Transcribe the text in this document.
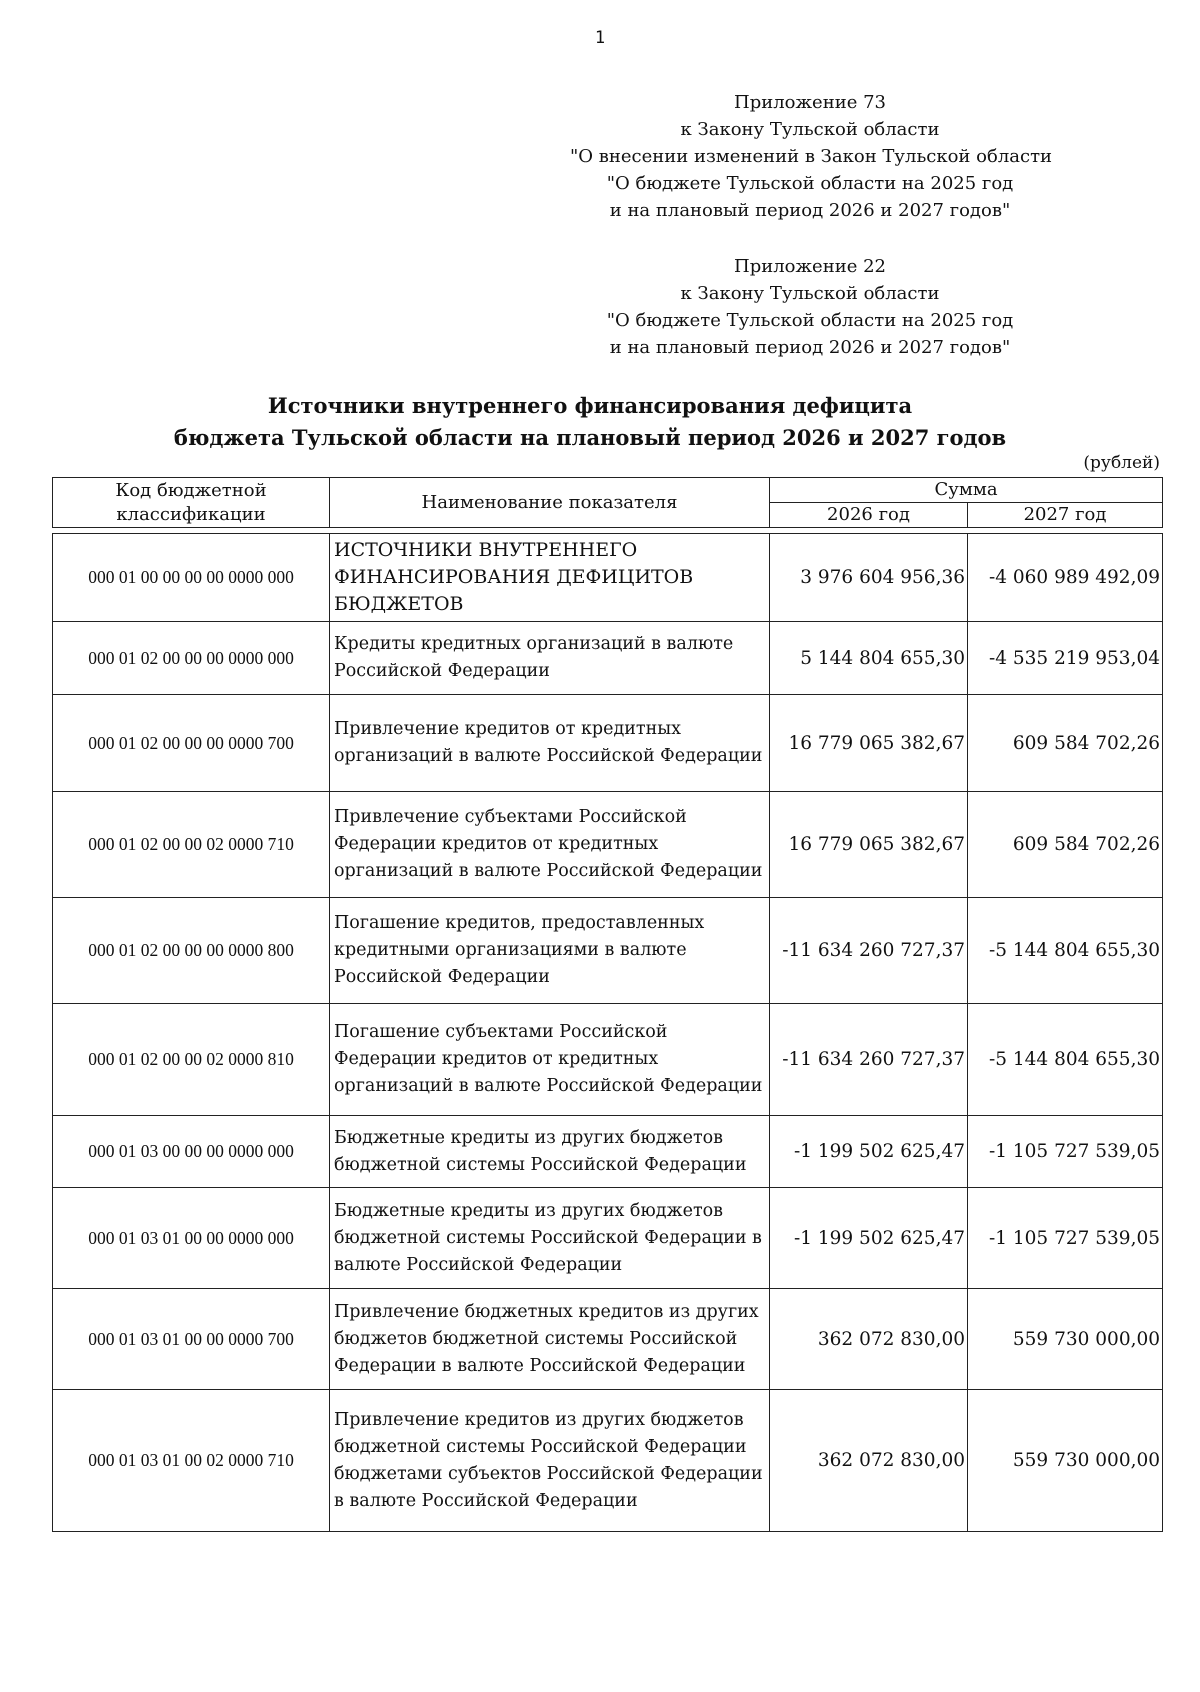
1
Приложение 73
к Закону Тульской области
"О внесении изменений в Закон Тульской области
"О бюджете Тульской области на 2025 год
и на плановый период 2026 и 2027 годов"
Приложение 22
к Закону Тульской области
"О бюджете Тульской области на 2025 год
и на плановый период 2026 и 2027 годов"
Источники внутреннего финансирования дефицита
бюджета Тульской области на плановый период 2026 и 2027 годов
(рублей)
Код бюджетной классификации	Наименование показателя	Сумма	
		2026 год	2027 год

000 01 00 00 00 00 0000 000	ИСТОЧНИКИ ВНУТРЕННЕГО ФИНАНСИРОВАНИЯ ДЕФИЦИТОВ БЮДЖЕТОВ	3 976 604 956,36	-4 060 989 492,09
000 01 02 00 00 00 0000 000	Кредиты кредитных организаций в валюте Российской Федерации	5 144 804 655,30	-4 535 219 953,04
000 01 02 00 00 00 0000 700	Привлечение кредитов от кредитных организаций в валюте Российской Федерации	16 779 065 382,67	609 584 702,26
000 01 02 00 00 02 0000 710	Привлечение субъектами Российской Федерации кредитов от кредитных организаций в валюте Российской Федерации	16 779 065 382,67	609 584 702,26
000 01 02 00 00 00 0000 800	Погашение кредитов, предоставленных кредитными организациями в валюте Российской Федерации	-11 634 260 727,37	-5 144 804 655,30
000 01 02 00 00 02 0000 810	Погашение субъектами Российской Федерации кредитов от кредитных организаций в валюте Российской Федерации	-11 634 260 727,37	-5 144 804 655,30
000 01 03 00 00 00 0000 000	Бюджетные кредиты из других бюджетов бюджетной системы Российской Федерации	-1 199 502 625,47	-1 105 727 539,05
000 01 03 01 00 00 0000 000	Бюджетные кредиты из других бюджетов бюджетной системы Российской Федерации в валюте Российской Федерации	-1 199 502 625,47	-1 105 727 539,05
000 01 03 01 00 00 0000 700	Привлечение бюджетных кредитов из других бюджетов бюджетной системы Российской Федерации в валюте Российской Федерации	362 072 830,00	559 730 000,00
000 01 03 01 00 02 0000 710	Привлечение кредитов из других бюджетов бюджетной системы Российской Федерации бюджетами субъектов Российской Федерации в валюте Российской Федерации	362 072 830,00	559 730 000,00
